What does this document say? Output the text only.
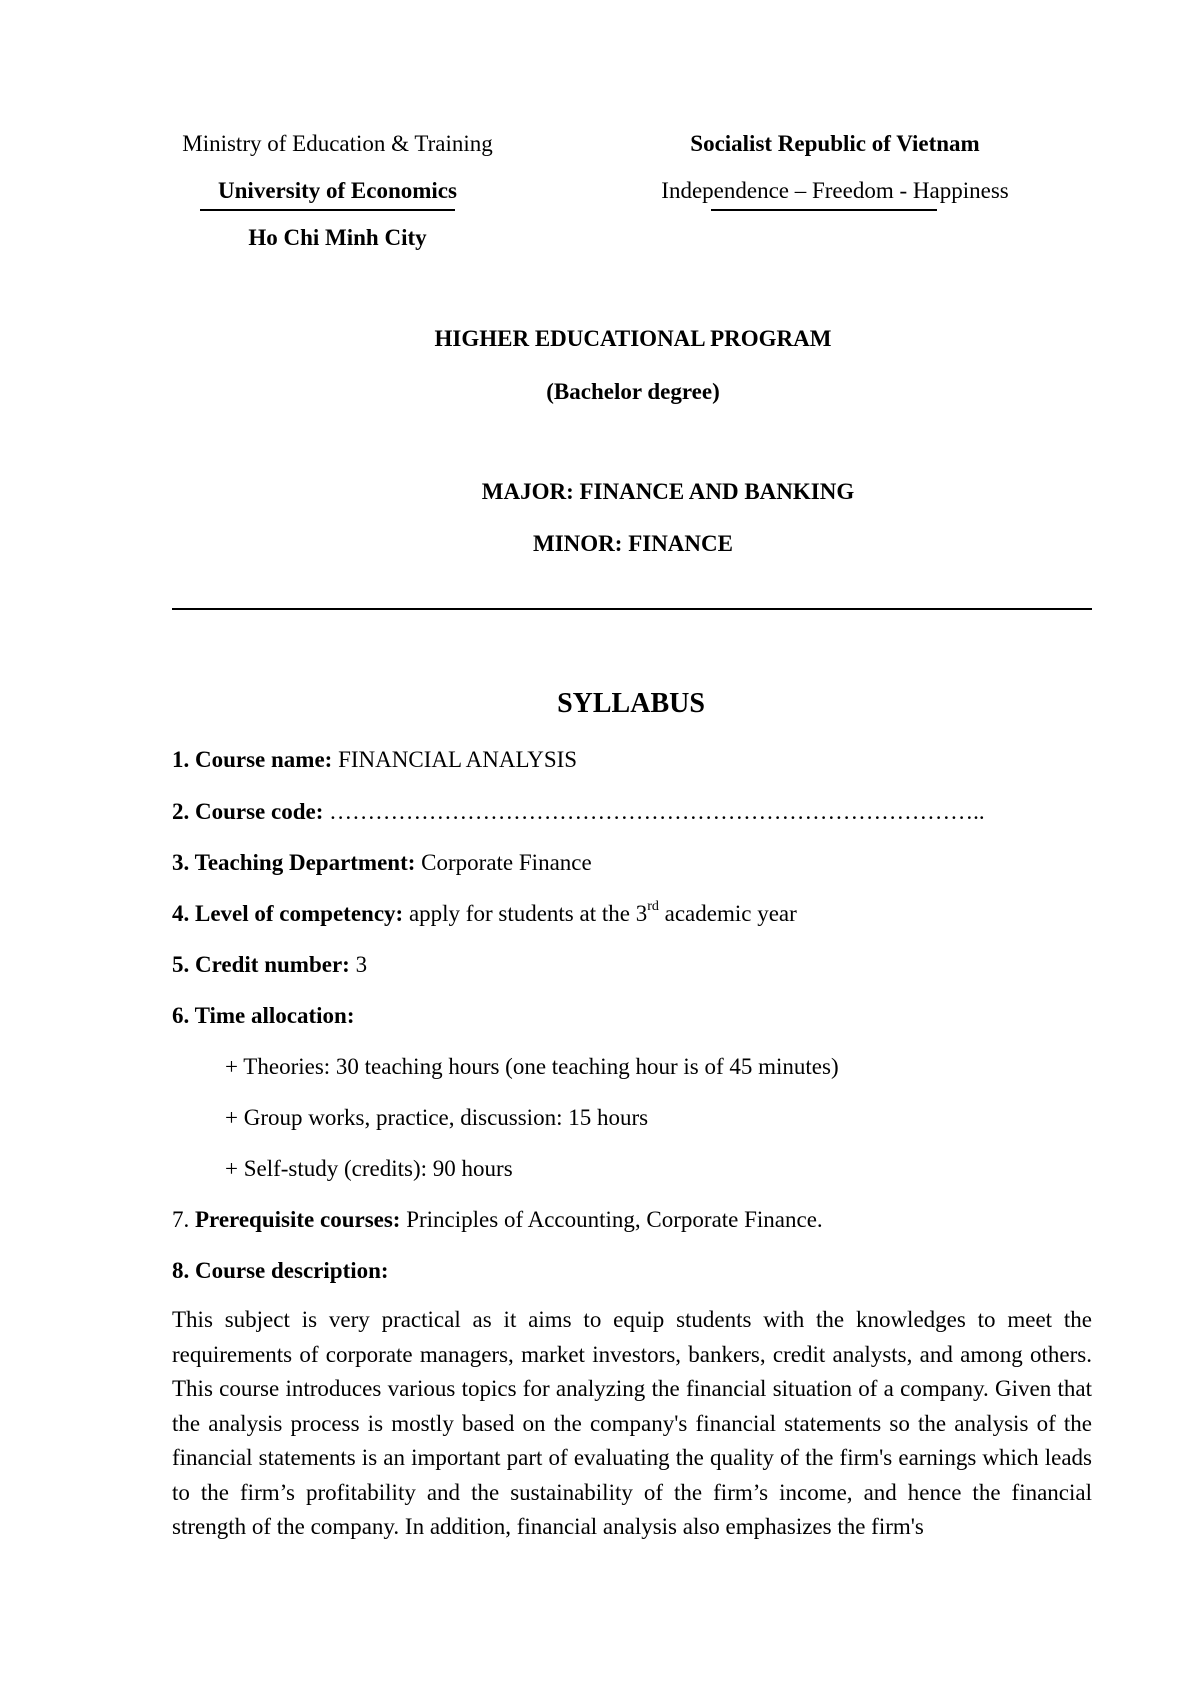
Ministry of Education & Training
University of Economics
Ho Chi Minh City
Socialist Republic of Vietnam
Independence – Freedom - Happiness
HIGHER EDUCATIONAL PROGRAM
(Bachelor degree)
MAJOR: FINANCE AND BANKING
MINOR: FINANCE
SYLLABUS
1. Course name: FINANCIAL ANALYSIS
2. Course code: …………………………………………………………………………..
3. Teaching Department: Corporate Finance
4. Level of competency: apply for students at the 3rd academic year
5. Credit number: 3
6. Time allocation:
+ Theories: 30 teaching hours (one teaching hour is of 45 minutes)
+ Group works, practice, discussion: 15 hours
+ Self-study (credits): 90 hours
7. Prerequisite courses: Principles of Accounting, Corporate Finance.
8. Course description:
This subject is very practical as it aims to equip students with the knowledges to meet the requirements of corporate managers, market investors, bankers, credit analysts, and among others. This course introduces various topics for analyzing the financial situation of a company. Given that the analysis process is mostly based on the company's financial statements so the analysis of the financial statements is an important part of evaluating the quality of the firm's earnings which leads to the firm’s profitability and the sustainability of the firm’s income, and hence the financial strength of the company. In addition, financial analysis also emphasizes the firm's
